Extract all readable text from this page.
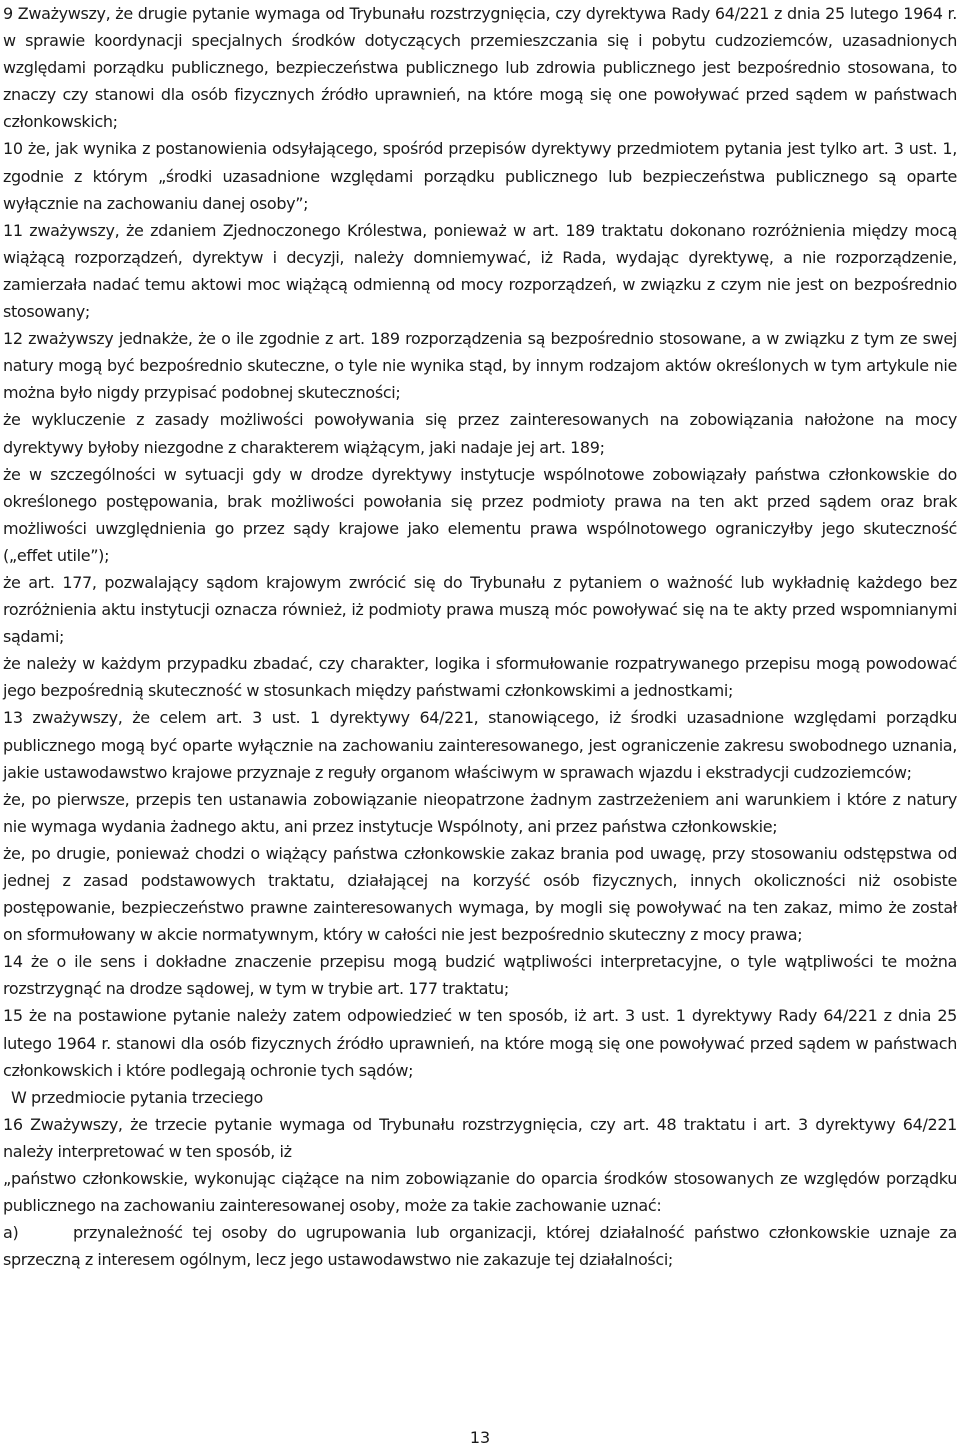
9 Zważywszy, że drugie pytanie wymaga od Trybunału rozstrzygnięcia, czy dyrektywa Rady 64/221 z dnia 25 lutego 1964 r. w sprawie koordynacji specjalnych środków dotyczących przemieszczania się i pobytu cudzoziemców, uzasadnionych względami porządku publicznego, bezpieczeństwa publicznego lub zdrowia publicznego jest bezpośrednio stosowana, to znaczy czy stanowi dla osób fizycznych źródło uprawnień, na które mogą się one powoływać przed sądem w państwach członkowskich;

10 że, jak wynika z postanowienia odsyłającego, spośród przepisów dyrektywy przedmiotem pytania jest tylko art. 3 ust. 1, zgodnie z którym „środki uzasadnione względami porządku publicznego lub bezpieczeństwa publicznego są oparte wyłącznie na zachowaniu danej osoby”;

11 zważywszy, że zdaniem Zjednoczonego Królestwa, ponieważ w art. 189 traktatu dokonano rozróżnienia między mocą wiążącą rozporządzeń, dyrektyw i decyzji, należy domniemywać, iż Rada, wydając dyrektywę, a nie rozporządzenie, zamierzała nadać temu aktowi moc wiążącą odmienną od mocy rozporządzeń, w związku z czym nie jest on bezpośrednio stosowany;

12 zważywszy jednakże, że o ile zgodnie z art. 189 rozporządzenia są bezpośrednio stosowane, a w związku z tym ze swej natury mogą być bezpośrednio skuteczne, o tyle nie wynika stąd, by innym rodzajom aktów określonych w tym artykule nie można było nigdy przypisać podobnej skuteczności;

że wykluczenie z zasady możliwości powoływania się przez zainteresowanych na zobowiązania nałożone na mocy dyrektywy byłoby niezgodne z charakterem wiążącym, jaki nadaje jej art. 189;

że w szczególności w sytuacji gdy w drodze dyrektywy instytucje wspólnotowe zobowiązały państwa członkowskie do określonego postępowania, brak możliwości powołania się przez podmioty prawa na ten akt przed sądem oraz brak możliwości uwzględnienia go przez sądy krajowe jako elementu prawa wspólnotowego ograniczyłby jego skuteczność („effet utile”);

że art. 177, pozwalający sądom krajowym zwrócić się do Trybunału z pytaniem o ważność lub wykładnię każdego bez rozróżnienia aktu instytucji oznacza również, iż podmioty prawa muszą móc powoływać się na te akty przed wspomnianymi sądami;

że należy w każdym przypadku zbadać, czy charakter, logika i sformułowanie rozpatrywanego przepisu mogą powodować jego bezpośrednią skuteczność w stosunkach między państwami członkowskimi a jednostkami;

13 zważywszy, że celem art. 3 ust. 1 dyrektywy 64/221, stanowiącego, iż środki uzasadnione względami porządku publicznego mogą być oparte wyłącznie na zachowaniu zainteresowanego, jest ograniczenie zakresu swobodnego uznania, jakie ustawodawstwo krajowe przyznaje z reguły organom właściwym w sprawach wjazdu i ekstradycji cudzoziemców;

że, po pierwsze, przepis ten ustanawia zobowiązanie nieopatrzone żadnym zastrzeżeniem ani warunkiem i które z natury nie wymaga wydania żadnego aktu, ani przez instytucje Wspólnoty, ani przez państwa członkowskie;

że, po drugie, ponieważ chodzi o wiążący państwa członkowskie zakaz brania pod uwagę, przy stosowaniu odstępstwa od jednej z zasad podstawowych traktatu, działającej na korzyść osób fizycznych, innych okoliczności niż osobiste postępowanie, bezpieczeństwo prawne zainteresowanych wymaga, by mogli się powoływać na ten zakaz, mimo że został on sformułowany w akcie normatywnym, który w całości nie jest bezpośrednio skuteczny z mocy prawa;

14 że o ile sens i dokładne znaczenie przepisu mogą budzić wątpliwości interpretacyjne, o tyle wątpliwości te można rozstrzygnąć na drodze sądowej, w tym w trybie art. 177 traktatu;

15 że na postawione pytanie należy zatem odpowiedzieć w ten sposób, iż art. 3 ust. 1 dyrektywy Rady 64/221 z dnia 25 lutego 1964 r. stanowi dla osób fizycznych źródło uprawnień, na które mogą się one powoływać przed sądem w państwach członkowskich i które podlegają ochronie tych sądów;

W przedmiocie pytania trzeciego

16 Zważywszy, że trzecie pytanie wymaga od Trybunału rozstrzygnięcia, czy art. 48 traktatu i art. 3 dyrektywy 64/221 należy interpretować w ten sposób, iż

„państwo członkowskie, wykonując ciążące na nim zobowiązanie do oparcia środków stosowanych ze względów porządku publicznego na zachowaniu zainteresowanej osoby, może za takie zachowanie uznać:

a)	przynależność tej osoby do ugrupowania lub organizacji, której działalność państwo członkowskie uznaje za sprzeczną z interesem ogólnym, lecz jego ustawodawstwo nie zakazuje tej działalności;

13
